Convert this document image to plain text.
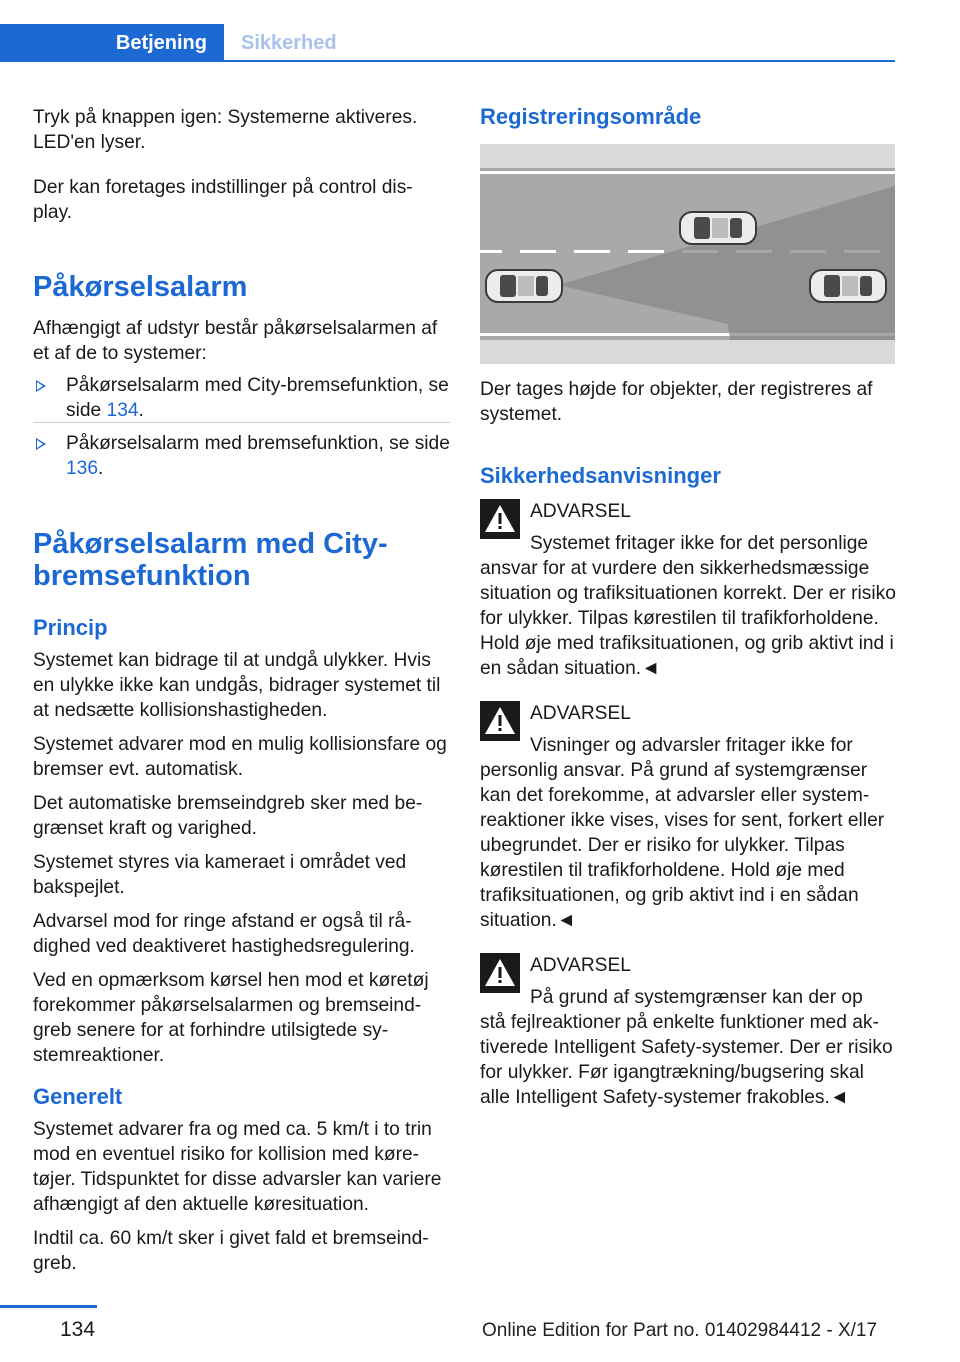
Betjening	Sikkerhed

Tryk på knappen igen: Systemerne aktiveres. LED'en lyser.

Der kan foretages indstillinger på control display.

Påkørselsalarm

Afhængigt af udstyr består påkørselsalarmen af et af de to systemer:

Påkørselsalarm med City-bremsefunktion, se side 134.

Påkørselsalarm med bremsefunktion, se side 136.

Påkørselsalarm med City-bremsefunktion
Princip

Systemet kan bidrage til at undgå ulykker. Hvis en ulykke ikke kan undgås, bidrager systemet til at nedsætte kollisionshastigheden.

Systemet advarer mod en mulig kollisionsfare og bremser evt. automatisk.

Det automatiske bremseindgreb sker med begrænset kraft og varighed.

Systemet styres via kameraet i området ved bakspejlet.

Advarsel mod for ringe afstand er også til rådighed ved deaktiveret hastighedsregulering.

Ved en opmærksom kørsel hen mod et køretøj forekommer påkørselsalarmen og bremseindgreb senere for at forhindre utilsigtede systemreaktioner.

Generelt

Systemet advarer fra og med ca. 5 km/t i to trin mod en eventuel risiko for kollision med køretøjer. Tidspunktet for disse advarsler kan variere afhængigt af den aktuelle køresituation.

Indtil ca. 60 km/t sker i givet fald et bremseindgreb.

Registreringsområde

Der tages højde for objekter, der registreres af systemet.

Sikkerhedsanvisninger

ADVARSEL

Systemet fritager ikke for det personlige

ansvar for at vurdere den sikkerhedsmæssige situation og trafiksituationen korrekt. Der er risiko for ulykker. Tilpas kørestilen til trafikforholdene. Hold øje med trafiksituationen, og grib aktivt ind i en sådan situation.◄

ADVARSEL

Visninger og advarsler fritager ikke for

personlig ansvar. På grund af systemgrænser kan det forekomme, at advarsler eller systemreaktioner ikke vises, vises for sent, forkert eller ubegrundet. Der er risiko for ulykker. Tilpas kørestilen til trafikforholdene. Hold øje med trafiksituationen, og grib aktivt ind i en sådan situation.◄

ADVARSEL

På grund af systemgrænser kan der op

stå fejlreaktioner på enkelte funktioner med aktiverede Intelligent Safety-systemer. Der er risiko for ulykker. Før igangtrækning/bugsering skal alle Intelligent Safety-systemer frakobles.◄

134	Online Edition for Part no. 01402984412 - X/17
